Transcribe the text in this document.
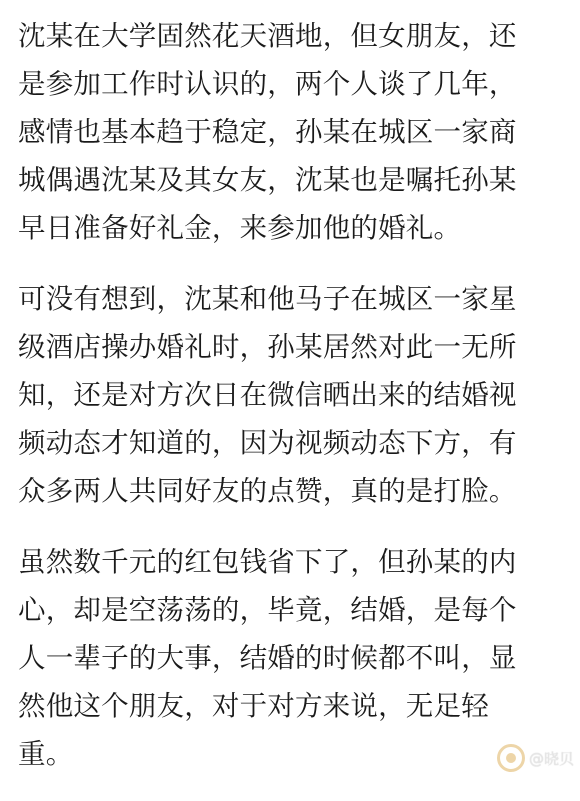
沈某在大学固然花天酒地，但女朋友，还
是参加工作时认识的，两个人谈了几年，
感情也基本趋于稳定，孙某在城区一家商
城偶遇沈某及其女友，沈某也是嘱托孙某
早日准备好礼金，来参加他的婚礼。

可没有想到，沈某和他马子在城区一家星
级酒店操办婚礼时，孙某居然对此一无所
知，还是对方次日在微信晒出来的结婚视
频动态才知道的，因为视频动态下方，有
众多两人共同好友的点赞，真的是打脸。

虽然数千元的红包钱省下了，但孙某的内
心，却是空荡荡的，毕竟，结婚，是每个
人一辈子的大事，结婚的时候都不叫，显
然他这个朋友，对于对方来说，无足轻
重。	@晓贝
